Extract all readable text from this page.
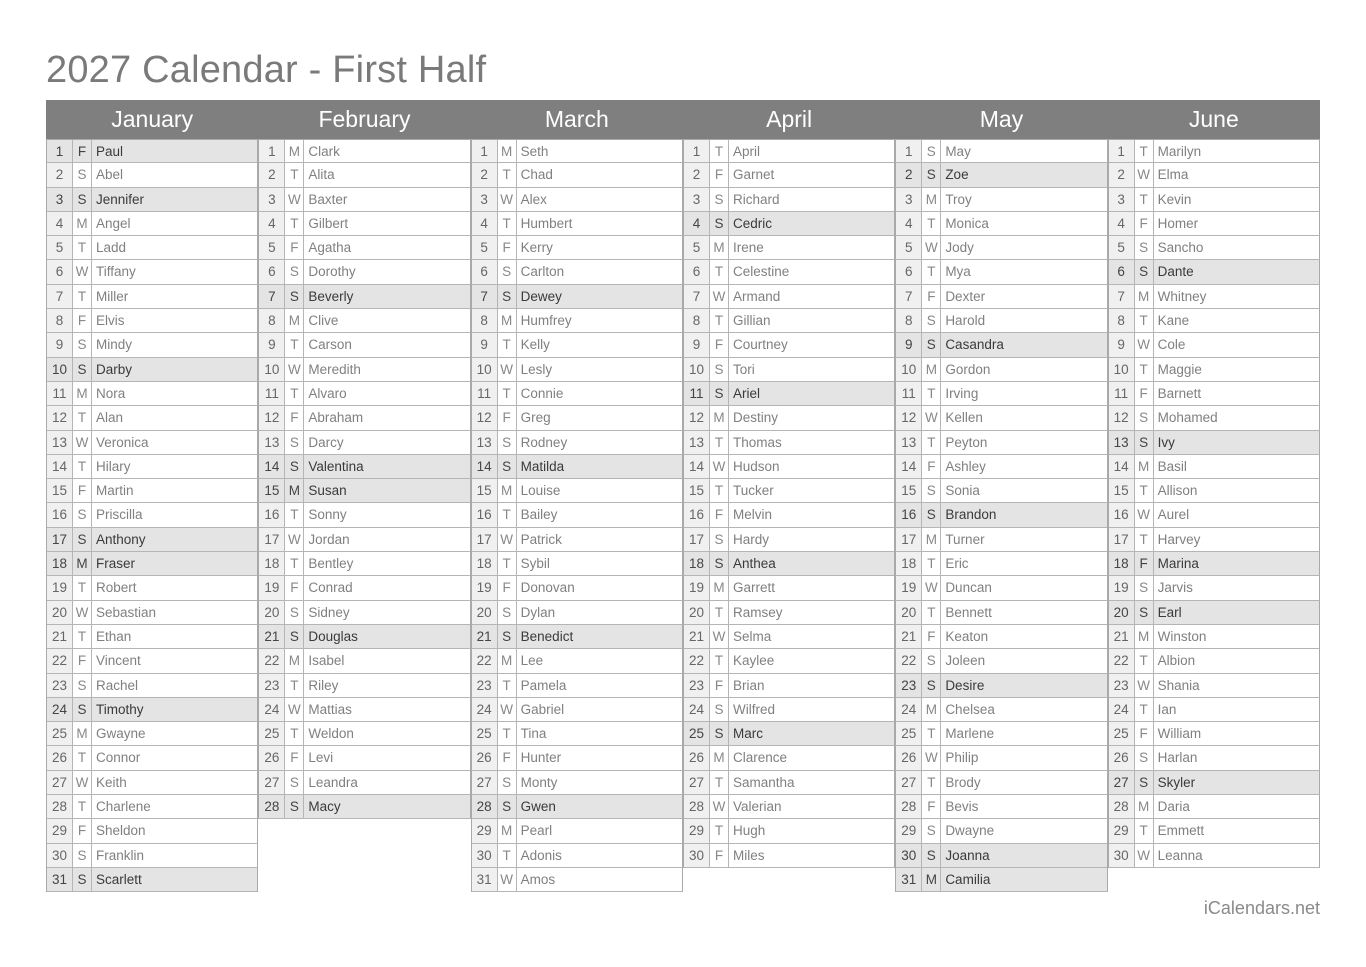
2027 Calendar - First Half
January
1	F Paul
2	S Abel
3	S Jennifer
4 M Angel
5	T Ladd
6 W Tiffany
7	T Miller
8	F Elvis
9	S Mindy
10 S Darby
11 M Nora
12 T Alan
13 W Veronica
14 T Hilary
15 F Martin
16 S Priscilla
17 S Anthony
18 M Fraser
19 T Robert
20 W Sebastian
21 T Ethan
22 F Vincent
23 S Rachel
24 S Timothy
25 M Gwayne
26 T Connor
27 W Keith
28 T Charlene
29 F Sheldon
30 S Franklin
31 S Scarlett
February
1 M Clark
2	T Alita
3 W Baxter
4	T Gilbert
5	F Agatha
6	S Dorothy
7	S Beverly
8 M Clive
9	T Carson
10 W Meredith
11 T Alvaro
12 F Abraham
13 S Darcy
14 S Valentina
15 M Susan
16 T Sonny
17 W Jordan
18 T Bentley
19 F Conrad
20 S Sidney
21 S Douglas
22 M Isabel
23 T Riley
24 W Mattias
25 T Weldon
26 F Levi
27 S Leandra
28 S Macy
March
1 M Seth
2	T Chad
3 W Alex
4	T Humbert
5	F Kerry
6	S Carlton
7	S Dewey
8 M Humfrey
9	T Kelly
10 W Lesly
11 T Connie
12 F Greg
13 S Rodney
14 S Matilda
15 M Louise
16 T Bailey
17 W Patrick
18 T Sybil
19 F Donovan
20 S Dylan
21 S Benedict
22 M Lee
23 T Pamela
24 W Gabriel
25 T Tina
26 F Hunter
27 S Monty
28 S Gwen
29 M Pearl
30 T Adonis
31 W Amos
April
1	T April
2	F Garnet
3	S Richard
4	S Cedric
5 M Irene
6	T Celestine
7 W Armand
8	T Gillian
9	F Courtney
10 S Tori
11 S Ariel
12 M Destiny
13 T Thomas
14 W Hudson
15 T Tucker
16 F Melvin
17 S Hardy
18 S Anthea
19 M Garrett
20 T Ramsey
21 W Selma
22 T Kaylee
23 F Brian
24 S Wilfred
25 S Marc
26 M Clarence
27 T Samantha
28 W Valerian
29 T Hugh
30 F Miles
May
1	S May
2	S Zoe
3 M Troy
4	T Monica
5 W Jody
6	T Mya
7	F Dexter
8	S Harold
9	S Casandra
10 M Gordon
11 T Irving
12 W Kellen
13 T Peyton
14 F Ashley
15 S Sonia
16 S Brandon
17 M Turner
18 T Eric
19 W Duncan
20 T Bennett
21 F Keaton
22 S Joleen
23 S Desire
24 M Chelsea
25 T Marlene
26 W Philip
27 T Brody
28 F Bevis
29 S Dwayne
30 S Joanna
31 M Camilia
June
1	T Marilyn
2 W Elma
3	T Kevin
4	F Homer
5	S Sancho
6	S Dante
7 M Whitney
8	T Kane
9 W Cole
10 T Maggie
11 F Barnett
12 S Mohamed
13 S Ivy
14 M Basil
15 T Allison
16 W Aurel
17 T Harvey
18 F Marina
19 S Jarvis
20 S Earl
21 M Winston
22 T Albion
23 W Shania
24 T Ian
25 F William
26 S Harlan
27 S Skyler
28 M Daria
29 T Emmett
30 W Leanna
iCalendars.net
